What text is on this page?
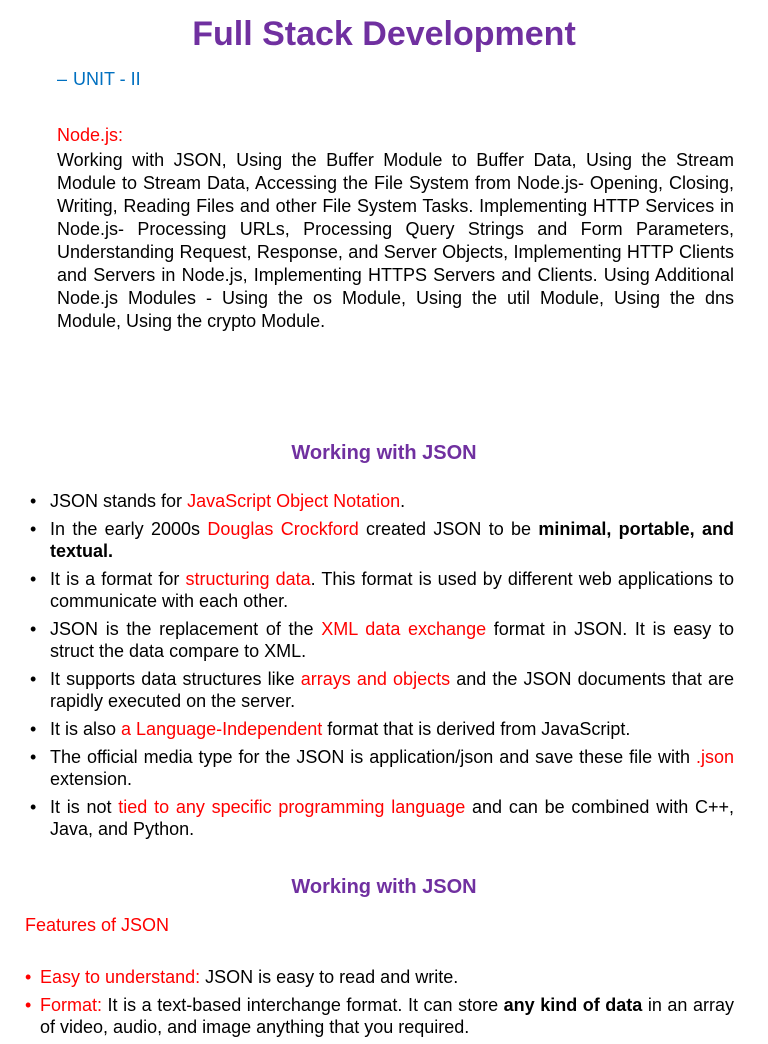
Full Stack Development
– UNIT - II
Node.js:

Working with JSON, Using the Buffer Module to Buffer Data, Using the Stream Module to Stream Data, Accessing the File System from Node.js- Opening, Closing, Writing, Reading Files and other File System Tasks. Implementing HTTP Services in Node.js- Processing URLs, Processing Query Strings and Form Parameters, Understanding Request, Response, and Server Objects, Implementing HTTP Clients and Servers in Node.js, Implementing HTTPS Servers and Clients. Using Additional Node.js Modules - Using the os Module, Using the util Module, Using the dns Module, Using the crypto Module.

Working with JSON
• JSON stands for JavaScript Object Notation.
• In the early 2000s Douglas Crockford created JSON to be minimal, portable, and textual.
• It is a format for structuring data. This format is used by different web applications to communicate with each other.
• JSON is the replacement of the XML data exchange format in JSON. It is easy to struct the data compare to XML.
• It supports data structures like arrays and objects and the JSON documents that are rapidly executed on the server.
• It is also a Language-Independent format that is derived from JavaScript.
• The official media type for the JSON is application/json and save these file with .json extension.
• It is not tied to any specific programming language and can be combined with C++, Java, and Python.
Working with JSON
Features of JSON
• Easy to understand: JSON is easy to read and write.
• Format: It is a text-based interchange format. It can store any kind of data in an array of video, audio, and image anything that you required.
